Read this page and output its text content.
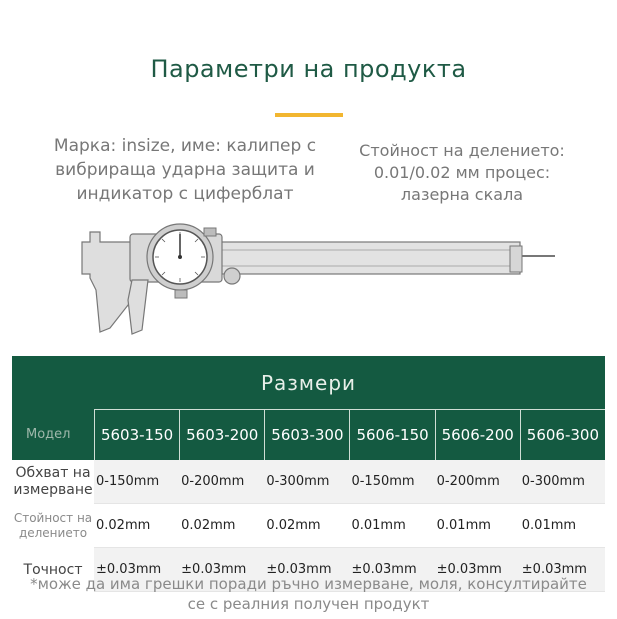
Параметри на продукта
Марка: insize, име: калипер с вибрираща ударна защита и индикатор с циферблат
Стойност на делението: 0.01/0.02 мм процес: лазерна скала
Размери
Модел	5603-150	5603-200	5603-300	5606-150	5606-200	5606-300
Обхват на измерване	0-150mm	0-200mm	0-300mm	0-150mm	0-200mm	0-300mm
Стойност на делението	0.02mm	0.02mm	0.02mm	0.01mm	0.01mm	0.01mm
Точност	±0.03mm	±0.03mm	±0.03mm	±0.03mm	±0.03mm	±0.03mm
*може да има грешки поради ръчно измерване, моля, консултирайте се с реалния получен продукт
